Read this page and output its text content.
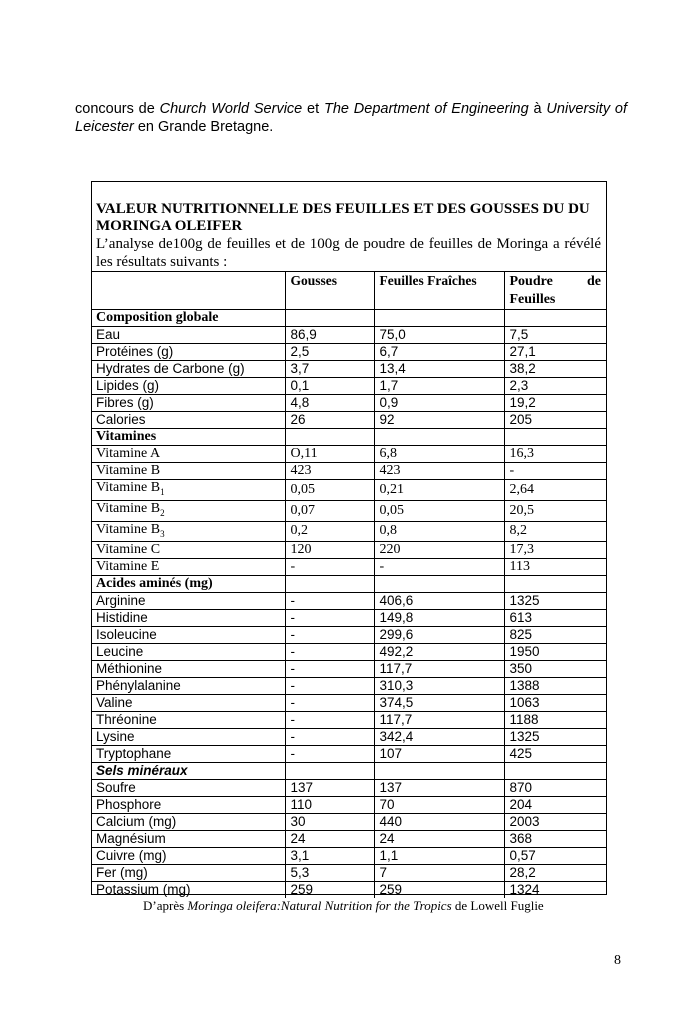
concours de Church World Service et The Department of Engineering à University of Leicester en Grande Bretagne.

VALEUR NUTRITIONNELLE DES FEUILLES ET DES GOUSSES DU DU MORINGA OLEIFER

L’analyse de100g de feuilles et de 100g de poudre de feuilles de Moringa a révélé les résultats suivants :

	Gousses	Feuilles Fraîches	Poudre de
Feuilles

Composition globale			
Eau	86,9	75,0	7,5
Protéines (g)	2,5	6,7	27,1
Hydrates de Carbone (g)	3,7	13,4	38,2
Lipides (g)	0,1	1,7	2,3
Fibres (g)	4,8	0,9	19,2
Calories	26	92	205
Vitamines			
Vitamine A	O,11	6,8	16,3
Vitamine B	423	423	-
Vitamine $B_1$	0,05	0,21	2,64
Vitamine $B_2$	0,07	0,05	20,5
Vitamine $B_3$	0,2	0,8	8,2
Vitamine C	120	220	17,3
Vitamine E	-	-	113
Acides aminés (mg)			
Arginine	-	406,6	1325
Histidine	-	149,8	613
Isoleucine	-	299,6	825
Leucine	-	492,2	1950
Méthionine	-	117,7	350
Phénylalanine	-	310,3	1388
Valine	-	374,5	1063
Thréonine	-	117,7	1188
Lysine	-	342,4	1325
Tryptophane	-	107	425
Sels minéraux			
Soufre	137	137	870
Phosphore	110	70	204
Calcium (mg)	30	440	2003
Magnésium	24	24	368
Cuivre (mg)	3,1	1,1	0,57
Fer (mg)	5,3	7	28,2
Potassium (mg)	259	259	1324

D’après Moringa oleifera:Natural Nutrition for the Tropics de Lowell Fuglie

8
